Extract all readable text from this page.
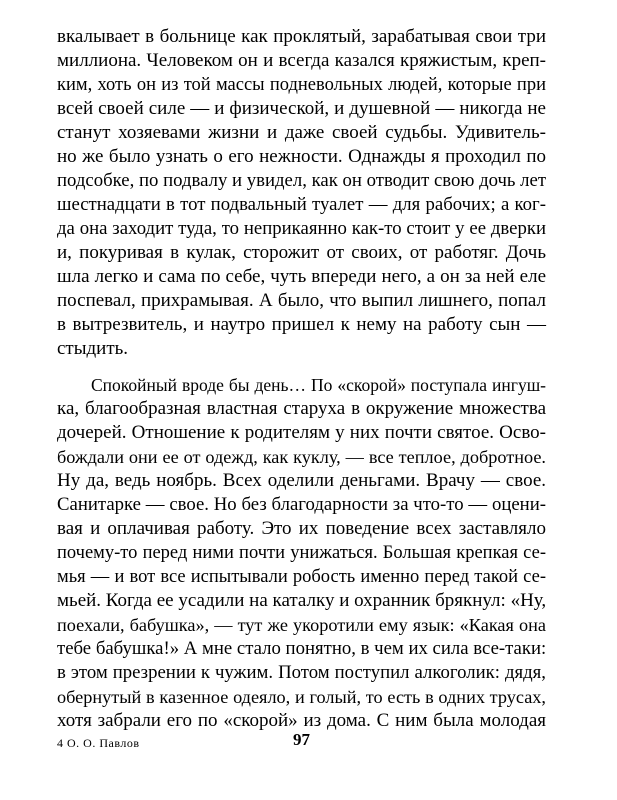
вкалывает в больнице как проклятый, зарабатывая свои три
миллиона. Человеком он и всегда казался кряжистым, креп-
ким, хоть он из той массы подневольных людей, которые при
всей своей силе — и физической, и душевной — никогда не
станут хозяевами жизни и даже своей судьбы. Удивитель-
но же было узнать о его нежности. Однажды я проходил по
подсобке, по подвалу и увидел, как он отводит свою дочь лет
шестнадцати в тот подвальный туалет — для рабочих; а ког-
да она заходит туда, то неприкаянно как-то стоит у ее дверки
и, покуривая в кулак, сторожит от своих, от работяг. Дочь
шла легко и сама по себе, чуть впереди него, а он за ней еле
поспевал, прихрамывая. А было, что выпил лишнего, попал
в вытрезвитель, и наутро пришел к нему на работу сын —
стыдить.
Спокойный вроде бы день… По «скорой» поступала ингуш-
ка, благообразная властная старуха в окружение множества
дочерей. Отношение к родителям у них почти святое. Осво-
бождали они ее от одежд, как куклу, — все теплое, добротное.
Ну да, ведь ноябрь. Всех оделили деньгами. Врачу — свое.
Санитарке — свое. Но без благодарности за что-то — оцени-
вая и оплачивая работу. Это их поведение всех заставляло
почему-то перед ними почти унижаться. Большая крепкая се-
мья — и вот все испытывали робость именно перед такой се-
мьей. Когда ее усадили на каталку и охранник брякнул: «Ну,
поехали, бабушка», — тут же укоротили ему язык: «Какая она
тебе бабушка!» А мне стало понятно, в чем их сила все-таки:
в этом презрении к чужим. Потом поступил алкоголик: дядя,
обернутый в казенное одеяло, и голый, то есть в одних трусах,
хотя забрали его по «скорой» из дома. С ним была молодая
4 О. О. Павлов	97
